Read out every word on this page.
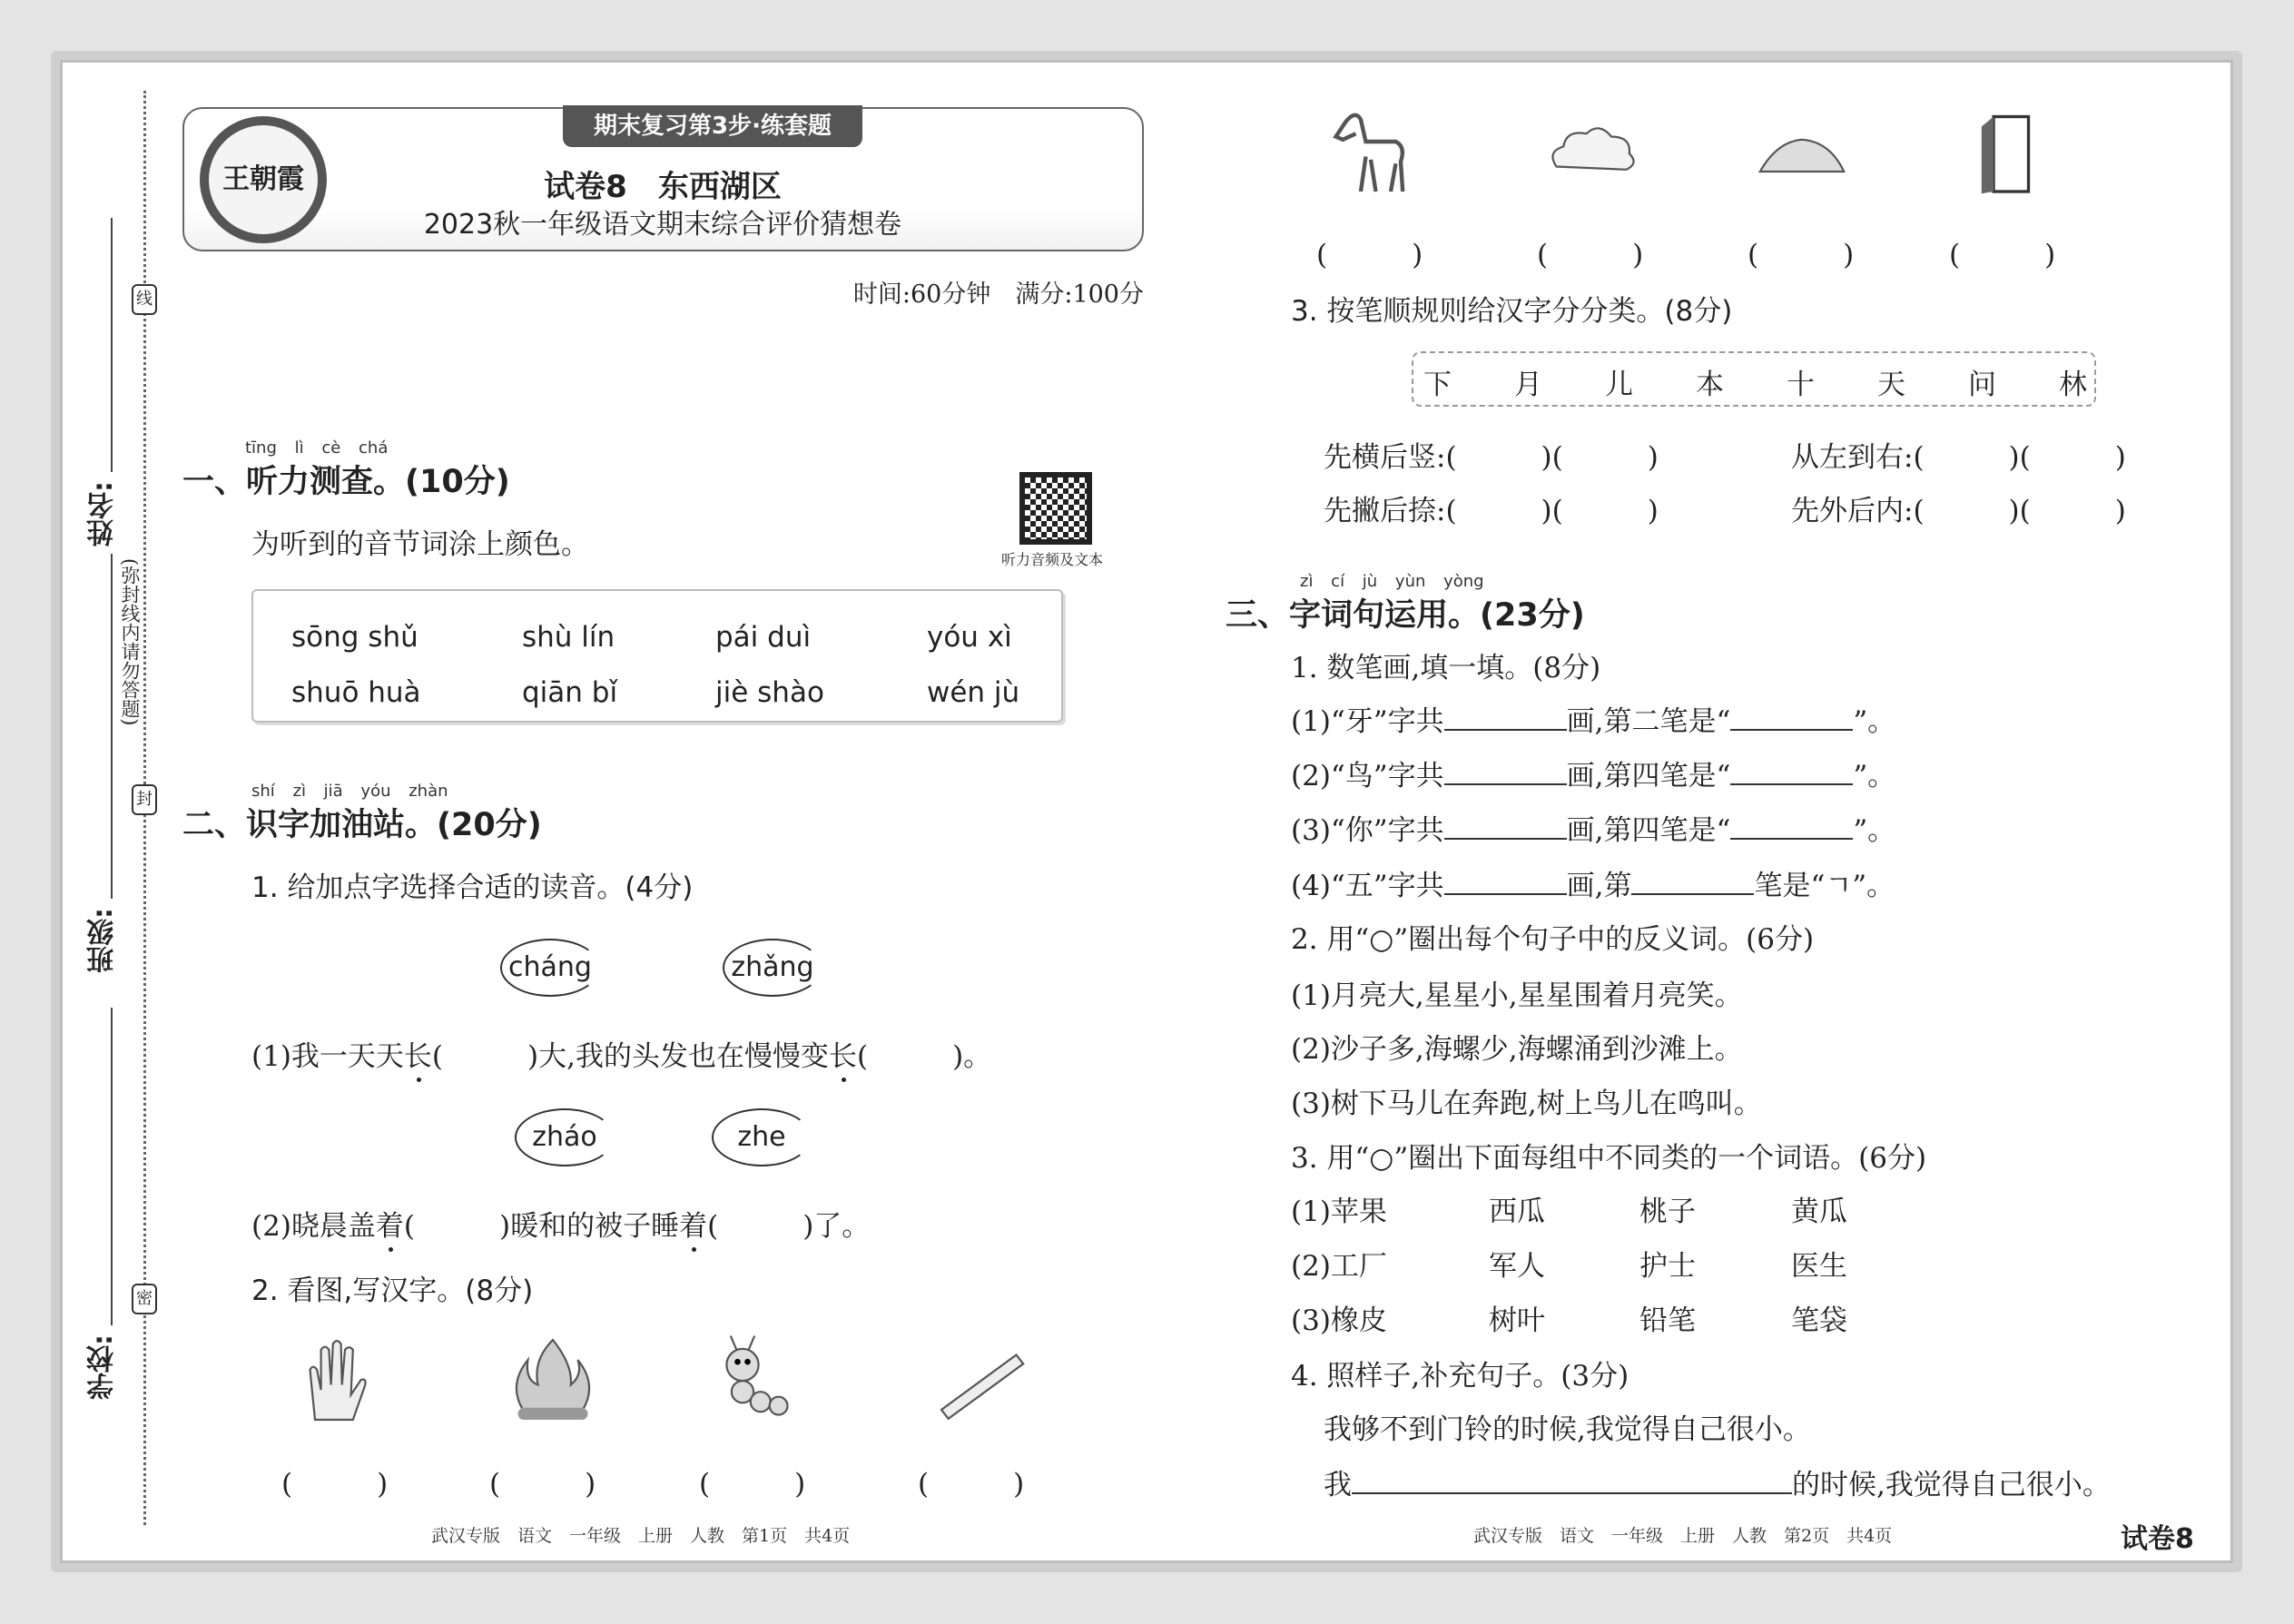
姓名:
班级:
学校:
(弥封线内请勿答题)
线
封
密
王朝霞
期末复习第3步·练套题
试卷8　东西湖区
2023秋一年级语文期末综合评价猜想卷
时间:60分钟　满分:100分

tīng lì cè chá
一、听力测查。(10分)
为听到的音节词涂上颜色。	听力音频及文本
sōng shǔ	shù lín	pái duì	yóu xì
shuō huà	qiān bǐ	jiè shào	wén jù
shí zì jiā yóu zhàn
二、识字加油站。(20分)
1. 给加点字选择合适的读音。(4分)
cháng	zhǎng
(1)我一天天长(　　　)大,我的头发也在慢慢变长(　　　)。
zháo	zhe
(2)晓晨盖着(　　　)暖和的被子睡着(　　　)了。
2. 看图,写汉字。(8分)
(　　　)	(　　　)	(　　　)	(　　　)
(　　　)	(　　　)	(　　　)	(　　　)
3. 按笔顺规则给汉字分分类。(8分)
下 月 儿 本 十 天 问 林
先横后竖:(　　　)(　　　)	从左到右:(　　　)(　　　)
先撇后捺:(　　　)(　　　)	先外后内:(　　　)(　　　)
zì cí jù yùn yòng
三、字词句运用。(23分)
1. 数笔画,填一填。(8分)
(1)“牙”字共	画,第二笔是“	”。
(2)“鸟”字共	画,第四笔是“	”。
(3)“你”字共	画,第四笔是“	”。
(4)“五”字共	画,第	笔是“ㄱ”。
2. 用“○”圈出每个句子中的反义词。(6分)
(1)月亮大,星星小,星星围着月亮笑。
(2)沙子多,海螺少,海螺涌到沙滩上。
(3)树下马儿在奔跑,树上鸟儿在鸣叫。
3. 用“○”圈出下面每组中不同类的一个词语。(6分)
(1)苹果	西瓜	桃子	黄瓜
(2)工厂	军人	护士	医生
(3)橡皮	树叶	铅笔	笔袋
4. 照样子,补充句子。(3分)
我够不到门铃的时候,我觉得自己很小。
我	的时候,我觉得自己很小。
武汉专版　语文　一年级　上册　人教　第1页　共4页	武汉专版　语文　一年级　上册　人教　第2页　共4页	试卷8
